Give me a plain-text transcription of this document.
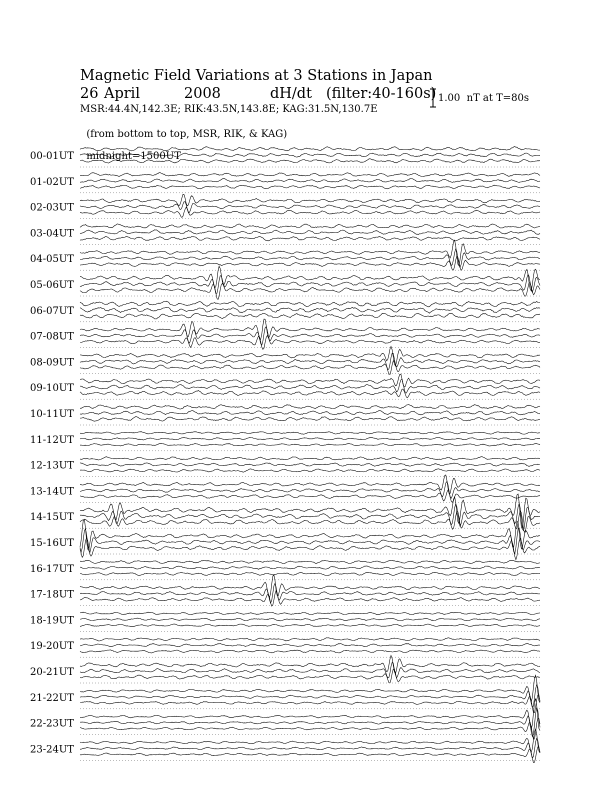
Magnetic Field Variations at 3 Stations in Japan

26

April

	2008

	dH/dt

(filter:40-160s)

MSR:44.4N,142.3E; RIK:43.5N,143.8E; KAG:31.5N,130.7E

(from bottom to top, MSR, RIK, & KAG)

midnight=1500UT

1.00  nT at T=80s
00-01UT
01-02UT
02-03UT
03-04UT
04-05UT
05-06UT
06-07UT
07-08UT
08-09UT
09-10UT
10-11UT
11-12UT
12-13UT
13-14UT
14-15UT
15-16UT
16-17UT
17-18UT
18-19UT
19-20UT
20-21UT
21-22UT
22-23UT
23-24UT
